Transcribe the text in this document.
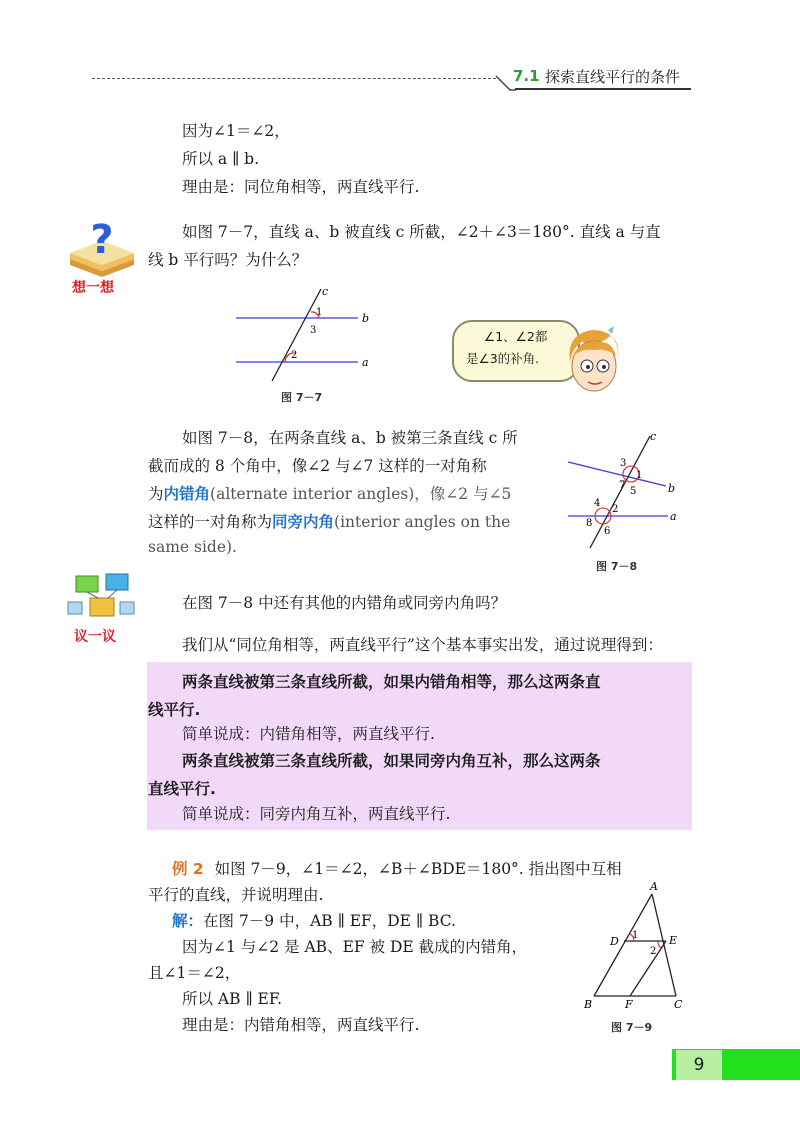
7.1 探索直线平行的条件
因为∠1＝∠2，
所以 a ∥ b.
理由是：同位角相等，两直线平行.
?
想一想
如图 7－7，直线 a、b 被直线 c 所截，∠2＋∠3＝180°. 直线 a 与直
线 b 平行吗？为什么？
c
b
a
1
3
2
图 7－7
∠1、∠2都
是∠3的补角.
如图 7－8，在两条直线 a、b 被第三条直线 c 所
截而成的 8 个角中，像∠2 与∠7 这样的一对角称
为内错角(alternate interior angles)，像∠2 与∠5
这样的一对角称为同旁内角(interior angles on the
same side).
c
b
a
3
1
7
5
4
2
8
6
图 7－8
议一议
在图 7－8 中还有其他的内错角或同旁内角吗？
我们从“同位角相等，两直线平行”这个基本事实出发，通过说理得到：
两条直线被第三条直线所截，如果内错角相等，那么这两条直
线平行.
简单说成：内错角相等，两直线平行.
两条直线被第三条直线所截，如果同旁内角互补，那么这两条
直线平行.
简单说成：同旁内角互补，两直线平行.
例 2 如图 7－9，∠1＝∠2，∠B＋∠BDE＝180°. 指出图中互相
平行的直线，并说明理由.
解：在图 7－9 中，AB ∥ EF，DE ∥ BC.
因为∠1 与∠2 是 AB、EF 被 DE 截成的内错角，
且∠1＝∠2，
所以 AB ∥ EF.
理由是：内错角相等，两直线平行.
A
D	E
B	F	C
1
2
图 7－9
9
